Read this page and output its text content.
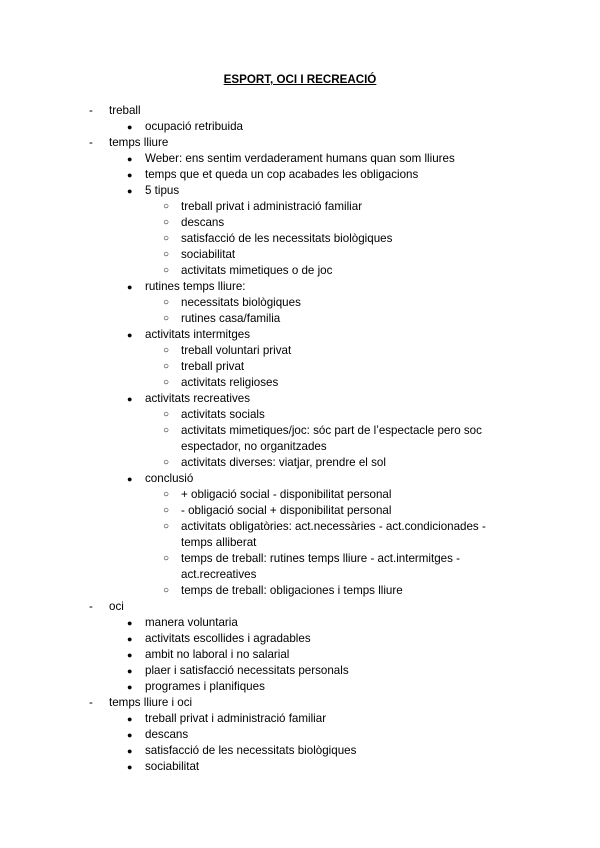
ESPORT, OCI I RECREACIÓ
- treball
● ocupació retribuida
- temps lliure
● Weber: ens sentim verdaderament humans quan som lliures
● temps que et queda un cop acabades les obligacions
● 5 tipus
○ treball privat i administració familiar
○ descans
○ satisfacció de les necessitats biològiques
○ sociabilitat
○ activitats mimetiques o de joc
● rutines temps lliure:
○ necessitats biològiques
○ rutines casa/familia
● activitats intermitges
○ treball voluntari privat
○ treball privat
○ activitats religioses
● activitats recreatives
○ activitats socials
○ activitats mimetiques/joc: sóc part de l’espectacle pero soc espectador, no organitzades
○ activitats diverses: viatjar, prendre el sol
● conclusió
○ + obligació social - disponibilitat personal
○ - obligació social + disponibilitat personal
○ activitats obligatòries: act.necessàries - act.condicionades - temps alliberat
○ temps de treball: rutines temps lliure - act.intermitges - act.recreatives
○ temps de treball: obligaciones i temps lliure
- oci
● manera voluntaria
● activitats escollides i agradables
● ambit no laboral i no salarial
● plaer i satisfacció necessitats personals
● programes i planifiques
- temps lliure i oci
● treball privat i administració familiar
● descans
● satisfacció de les necessitats biològiques
● sociabilitat
